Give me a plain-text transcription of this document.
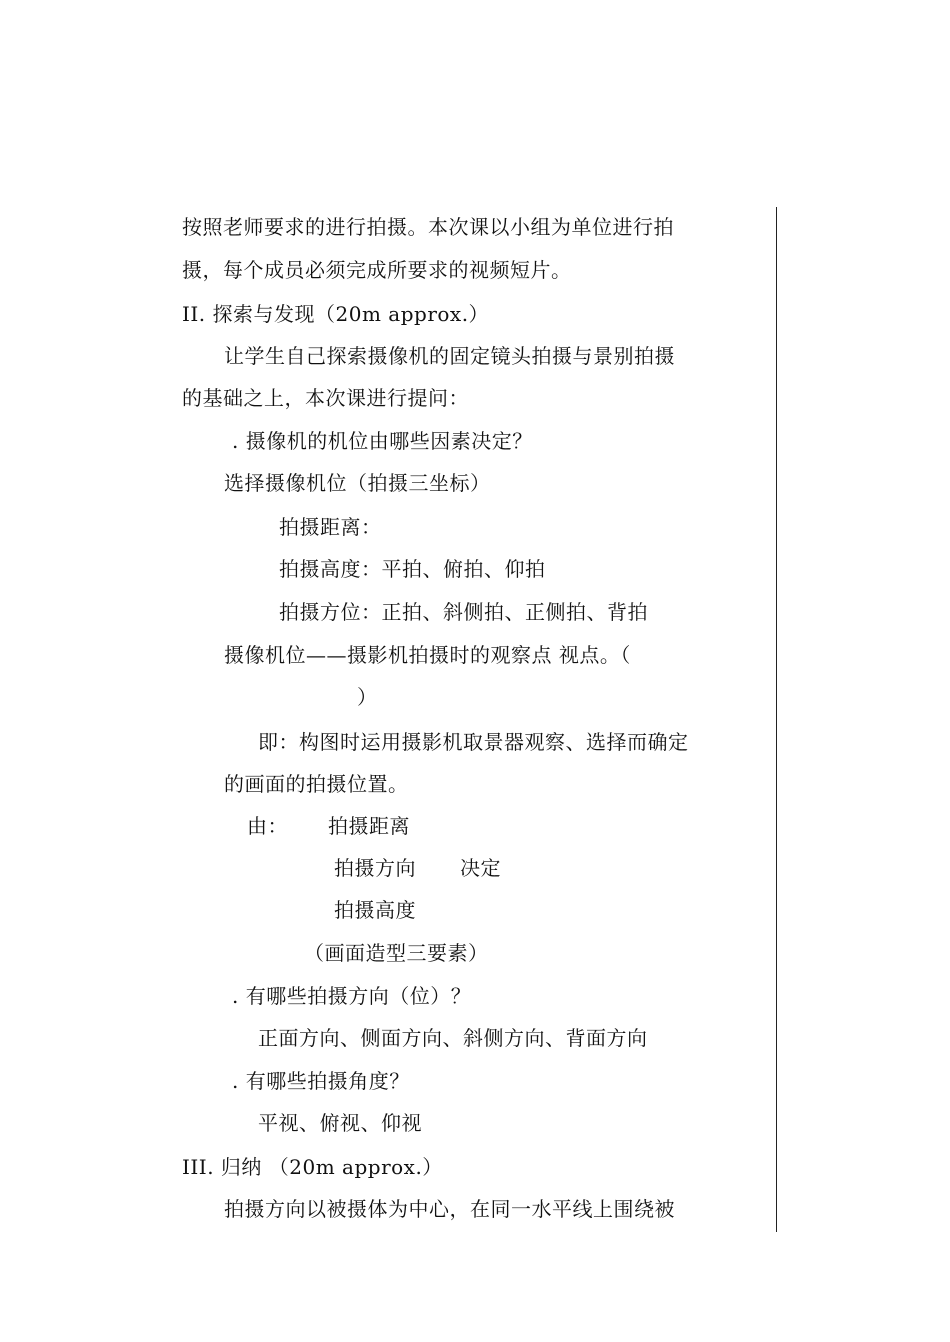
按照老师要求的进行拍摄。本次课以小组为单位进行拍
摄，每个成员必须完成所要求的视频短片。
II. 探索与发现（20m approx.）
让学生自己探索摄像机的固定镜头拍摄与景别拍摄
的基础之上，本次课进行提问：
. 摄像机的机位由哪些因素决定？
选择摄像机位（拍摄三坐标）
拍摄距离：
拍摄高度：平拍、俯拍、仰拍
拍摄方位：正拍、斜侧拍、正侧拍、背拍
摄像机位——摄影机拍摄时的观察点 视点。（
）
即：构图时运用摄影机取景器观察、选择而确定
的画面的拍摄位置。
由： 拍摄距离
拍摄方向 决定
拍摄高度
（画面造型三要素）
. 有哪些拍摄方向（位）？
正面方向、侧面方向、斜侧方向、背面方向
. 有哪些拍摄角度？
平视、俯视、仰视
III. 归纳 （20m approx.）
拍摄方向以被摄体为中心，在同一水平线上围绕被
